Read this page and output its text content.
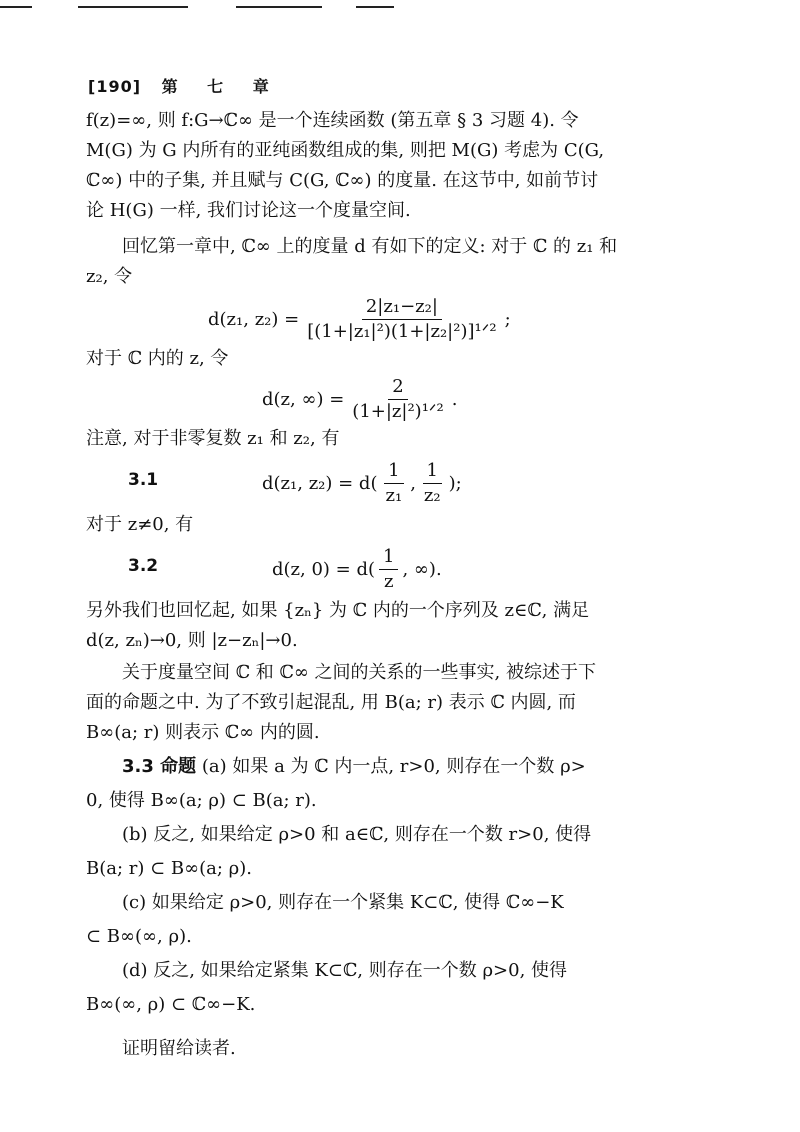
[190] 第 七 章

f(z)=∞, 则 f:G→ℂ∞ 是一个连续函数 (第五章 § 3 习题 4). 令

M(G) 为 G 内所有的亚纯函数组成的集, 则把 M(G) 考虑为 C(G,

ℂ∞) 中的子集, 并且赋与 C(G, ℂ∞) 的度量. 在这节中, 如前节讨

论 H(G) 一样, 我们讨论这一个度量空间.

回忆第一章中, ℂ∞ 上的度量 d 有如下的定义: 对于 ℂ 的 z₁ 和

z₂, 令

d(z₁, $z_2) = \frac{\text{2|z₁−z₂|}}{\text{[(1+|z₁|²)(1+|z₂|²)]¹ᐟ²}}$ ;

对于 ℂ 内的 z, 令

d(z, ∞) = $\frac{2}{\text{(1+|z|²)¹ᐟ²}}$ .

注意, 对于非零复数 z₁ 和 z₂, 有

3.1	d(z₁, $z_2) = d( \frac{1}{\text{z₁}}$ , $\frac{1}{\text{z₂}}$ );

对于 z≠0, 有

3.2	d(z, $0) = d( \frac{1}{z}$ , ∞).

另外我们也回忆起, 如果 {zₙ} 为 ℂ 内的一个序列及 z∈ℂ, 满足

d(z, zₙ)→0, 则 |z−zₙ|→0.

关于度量空间 ℂ 和 ℂ∞ 之间的关系的一些事实, 被综述于下

面的命题之中. 为了不致引起混乱, 用 B(a; r) 表示 ℂ 内圆, 而

B∞(a; r) 则表示 ℂ∞ 内的圆.

3.3 命题 (a) 如果 a 为 ℂ 内一点, r>0, 则存在一个数 ρ>

0, 使得 B∞(a; ρ) ⊂ B(a; r).

(b) 反之, 如果给定 ρ>0 和 a∈ℂ, 则存在一个数 r>0, 使得

B(a; r) ⊂ B∞(a; ρ).

(c) 如果给定 ρ>0, 则存在一个紧集 K⊂ℂ, 使得 ℂ∞−K

⊂ B∞(∞, ρ).

(d) 反之, 如果给定紧集 K⊂ℂ, 则存在一个数 ρ>0, 使得

B∞(∞, ρ) ⊂ ℂ∞−K.

证明留给读者.
